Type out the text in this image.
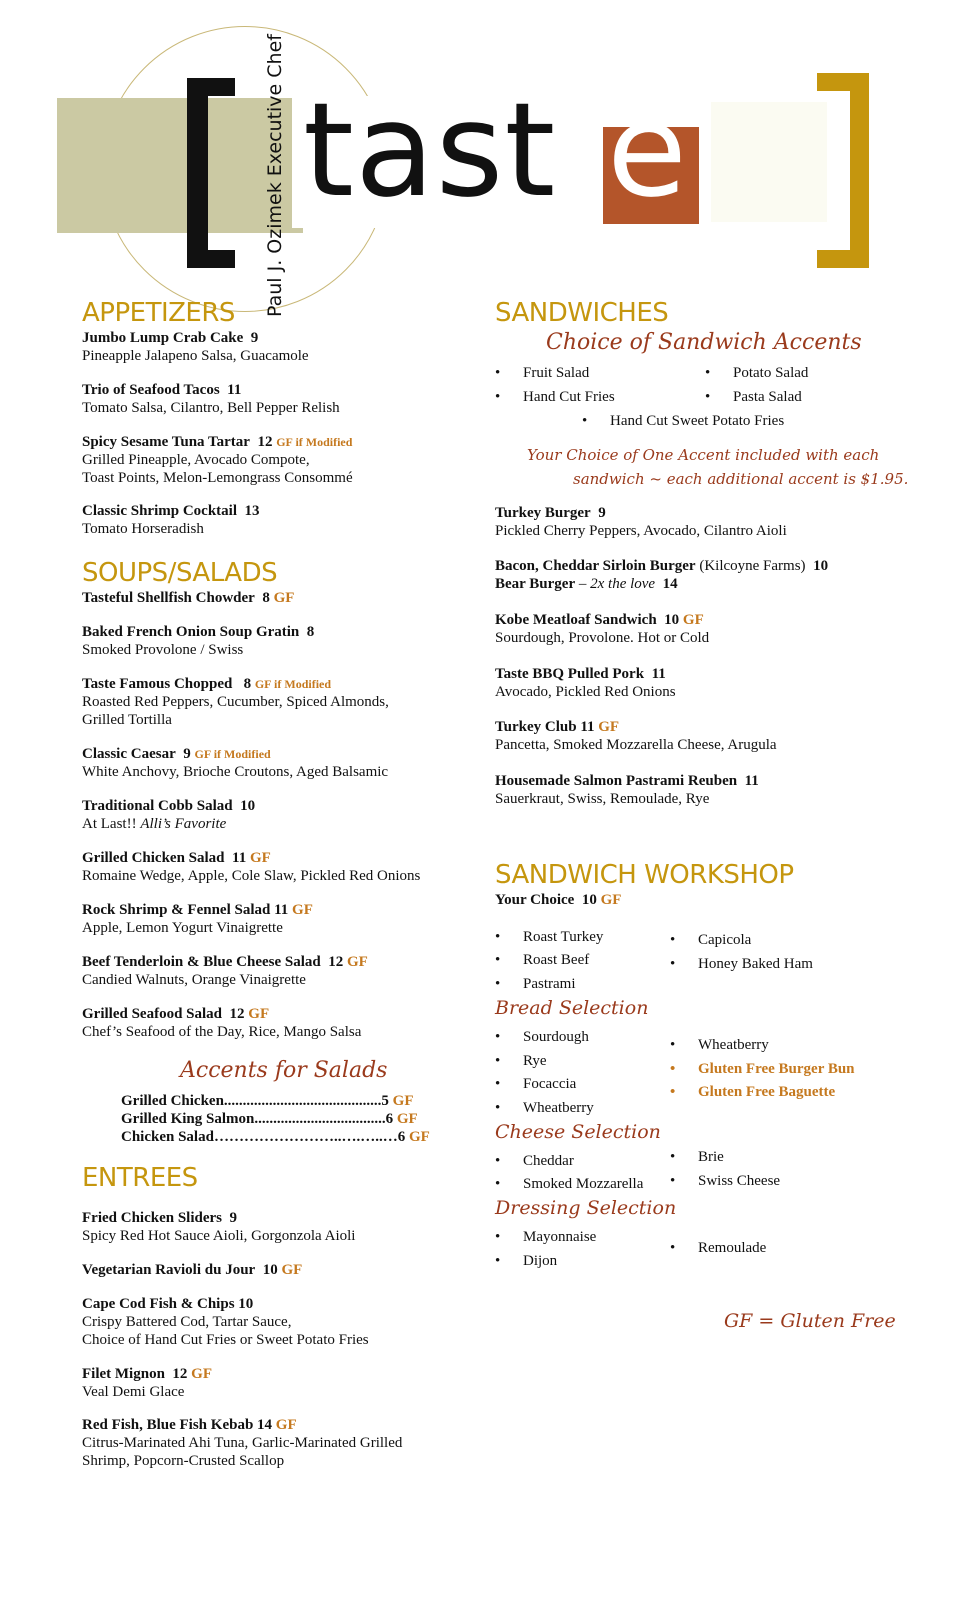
tast e
Paul J. Ozimek Executive Chef
APPETIZERS
Jumbo Lump Crab Cake 9
Pineapple Jalapeno Salsa, Guacamole
Trio of Seafood Tacos 11
Tomato Salsa, Cilantro, Bell Pepper Relish
Spicy Sesame Tuna Tartar 12 GF if Modified
Grilled Pineapple, Avocado Compote,
Toast Points, Melon-Lemongrass Consommé
Classic Shrimp Cocktail 13
Tomato Horseradish
SOUPS/SALADS
Tasteful Shellfish Chowder 8 GF
Baked French Onion Soup Gratin 8
Smoked Provolone / Swiss
Taste Famous Chopped 8 GF if Modified
Roasted Red Peppers, Cucumber, Spiced Almonds,
Grilled Tortilla
Classic Caesar 9 GF if Modified
White Anchovy, Brioche Croutons, Aged Balsamic
Traditional Cobb Salad 10
At Last!! Alli’s Favorite
Grilled Chicken Salad 11 GF
Romaine Wedge, Apple, Cole Slaw, Pickled Red Onions
Rock Shrimp & Fennel Salad 11 GF
Apple, Lemon Yogurt Vinaigrette
Beef Tenderloin & Blue Cheese Salad 12 GF
Candied Walnuts, Orange Vinaigrette
Grilled Seafood Salad 12 GF
Chef’s Seafood of the Day, Rice, Mango Salsa
Accents for Salads
Grilled Chicken..........................................5 GF
Grilled King Salmon...................................6 GF
Chicken Salad……………………..….…..…6 GF
ENTREES
Fried Chicken Sliders 9
Spicy Red Hot Sauce Aioli, Gorgonzola Aioli
Vegetarian Ravioli du Jour 10 GF
Cape Cod Fish & Chips 10
Crispy Battered Cod, Tartar Sauce,
Choice of Hand Cut Fries or Sweet Potato Fries
Filet Mignon 12 GF
Veal Demi Glace
Red Fish, Blue Fish Kebab 14 GF
Citrus-Marinated Ahi Tuna, Garlic-Marinated Grilled
Shrimp, Popcorn-Crusted Scallop
SANDWICHES
Choice of Sandwich Accents
• Fruit Salad	• Potato Salad
• Hand Cut Fries	• Pasta Salad
• Hand Cut Sweet Potato Fries
Your Choice of One Accent included with each
sandwich ~ each additional accent is $1.95.
Turkey Burger 9
Pickled Cherry Peppers, Avocado, Cilantro Aioli
Bacon, Cheddar Sirloin Burger (Kilcoyne Farms) 10
Bear Burger – 2x the love 14
Kobe Meatloaf Sandwich 10 GF
Sourdough, Provolone. Hot or Cold
Taste BBQ Pulled Pork 11
Avocado, Pickled Red Onions
Turkey Club 11 GF
Pancetta, Smoked Mozzarella Cheese, Arugula
Housemade Salmon Pastrami Reuben 11
Sauerkraut, Swiss, Remoulade, Rye
SANDWICH WORKSHOP
Your Choice 10 GF
• Roast Turkey
• Roast Beef
• Pastrami
• Capicola
• Honey Baked Ham
Bread Selection
• Sourdough
• Rye
• Focaccia
• Wheatberry
• Wheatberry
• Gluten Free Burger Bun
• Gluten Free Baguette
Cheese Selection
• Cheddar
• Smoked Mozzarella
• Brie
• Swiss Cheese
Dressing Selection
• Mayonnaise
• Dijon
• Remoulade
GF = Gluten Free
